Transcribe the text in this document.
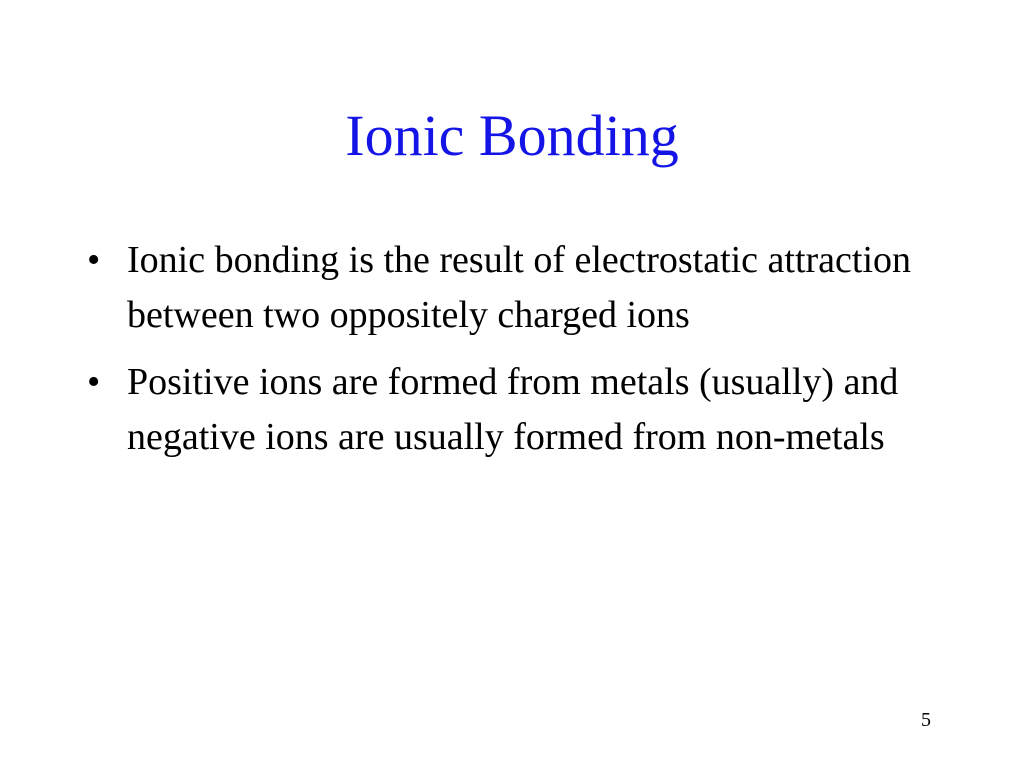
Ionic Bonding
• Ionic bonding is the result of electrostatic attraction between two oppositely charged ions
• Positive ions are formed from metals (usually) and negative ions are usually formed from non-metals
5
